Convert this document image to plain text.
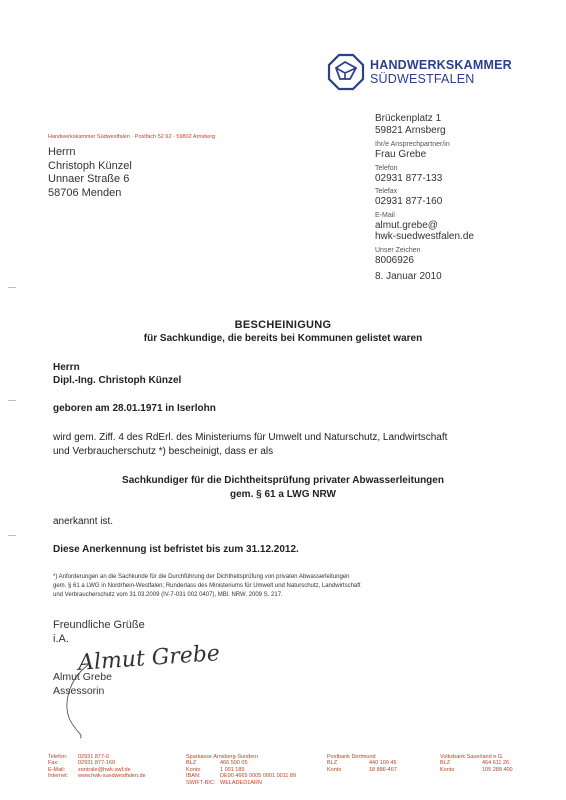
HANDWERKSKAMMER
SÜDWESTFALEN
Handwerkskammer Südwestfalen · Postfach 52 62 · 59802 Arnsberg
Herrn
Christoph Künzel
Unnaer Straße 6
58706 Menden
Brückenplatz 1
59821 Arnsberg
Ihr/e Ansprechpartner/in
Frau Grebe
Telefon
02931 877-133
Telefax
02931 877-160
E-Mail
almut.grebe@
hwk-suedwestfalen.de
Unser Zeichen
8006926
8. Januar 2010
BESCHEINIGUNG
für Sachkundige, die bereits bei Kommunen gelistet waren
Herrn
Dipl.-Ing. Christoph Künzel
geboren am 28.01.1971 in Iserlohn
wird gem. Ziff. 4 des RdErl. des Ministeriums für Umwelt und Naturschutz, Landwirtschaft
und Verbraucherschutz *) bescheinigt, dass er als
Sachkundiger für die Dichtheitsprüfung privater Abwasserleitungen
gem. § 61 a LWG NRW
anerkannt ist.
Diese Anerkennung ist befristet bis zum 31.12.2012.
*) Anforderungen an die Sachkunde für die Durchführung der Dichtheitsprüfung von privaten Abwasserleitungen
gem. § 61 a LWG in Nordrhein-Westfalen; Runderlass des Ministeriums für Umwelt und Naturschutz, Landwirtschaft
und Verbraucherschutz vom 31.03.2009 (IV-7-031 002 0407), MBl. NRW. 2009 S. 217.
Freundliche Grüße
i.A.
Almut Grebe
Almut Grebe
Assessorin
Telefon:	02931 877-0
Fax:	02931 877-160
E-Mail:	zentrale@hwk-swf.de
Internet:	www.hwk-suedwestfalen.de
Sparkasse Arnsberg-Sundern
BLZ	466 500 05
Konto	1 001 189
IBAN:	DE90 4665 0005 0001 0011 89
SWIFT-BIC: WELADED1ARN
Postbank Dortmund
BLZ	440 100 46
Konto	18 886-467
Volksbank Sauerland e.G.
BLZ	464 611 26
Konto	105 288 400
